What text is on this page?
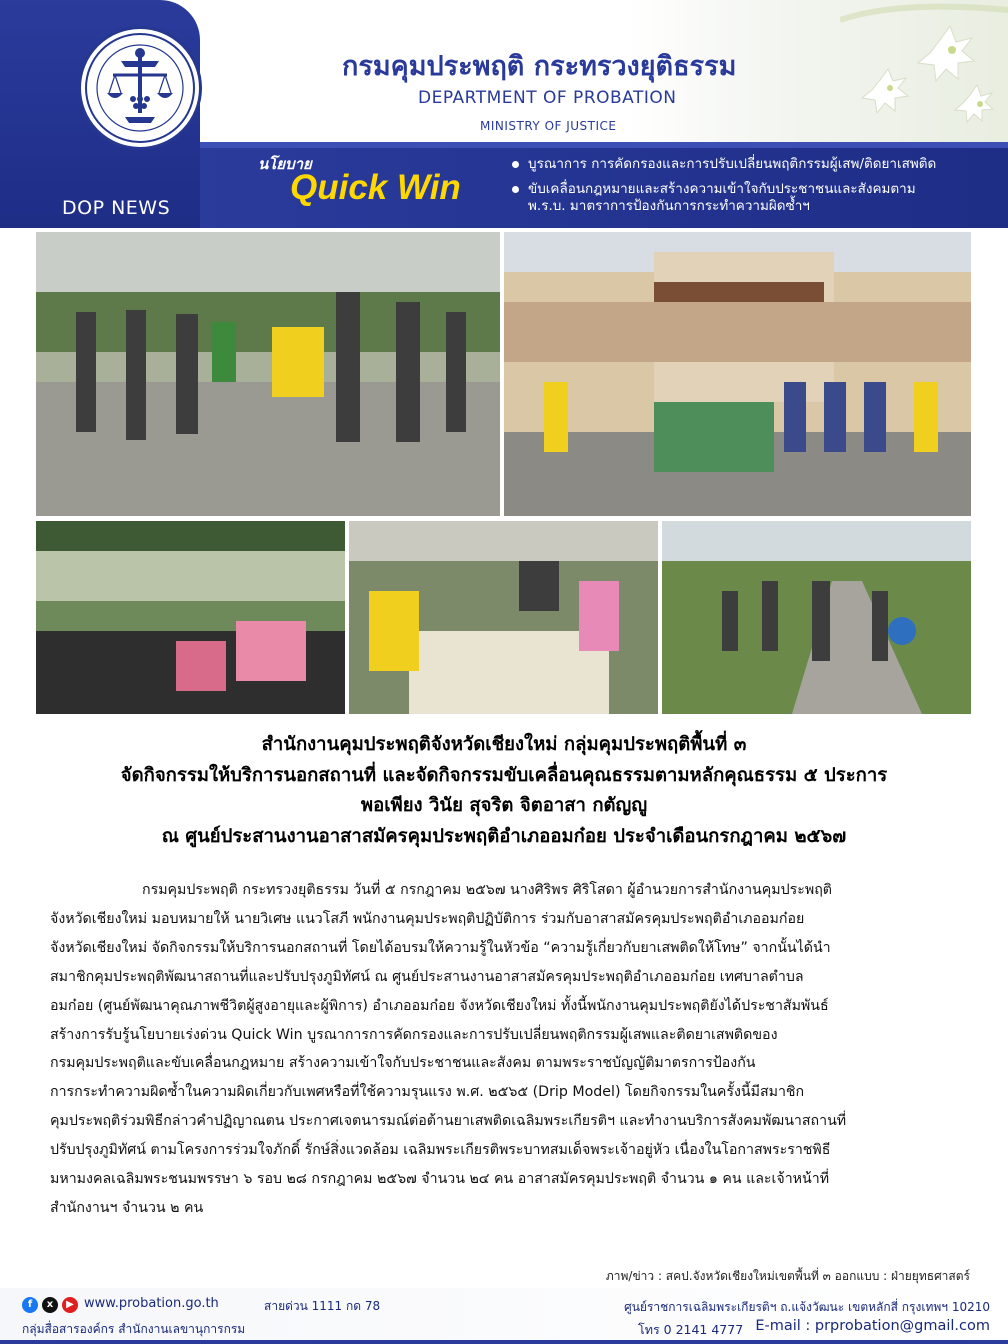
DOP NEWS
กรมคุมประพฤติ กระทรวงยุติธรรม
DEPARTMENT OF PROBATION
MINISTRY OF JUSTICE
นโยบาย
Quick Win
บูรณาการ การคัดกรองและการปรับเปลี่ยนพฤติกรรมผู้เสพ/ติดยาเสพติด
ขับเคลื่อนกฎหมายและสร้างความเข้าใจกับประชาชนและสังคมตาม
พ.ร.บ. มาตราการป้องกันการกระทำความผิดซ้ำฯ
สำนักงานคุมประพฤติจังหวัดเชียงใหม่ กลุ่มคุมประพฤติพื้นที่ ๓
จัดกิจกรรมให้บริการนอกสถานที่ และจัดกิจกรรมขับเคลื่อนคุณธรรมตามหลักคุณธรรม ๕ ประการ
พอเพียง วินัย สุจริต จิตอาสา กตัญญู
ณ ศูนย์ประสานงานอาสาสมัครคุมประพฤติอำเภออมก๋อย ประจำเดือนกรกฎาคม ๒๕๖๗
กรมคุมประพฤติ กระทรวงยุติธรรม วันที่ ๕ กรกฎาคม ๒๕๖๗ นางศิริพร ศิริโสดา ผู้อำนวยการสำนักงานคุมประพฤติ
จังหวัดเชียงใหม่ มอบหมายให้ นายวิเศษ แนวโสภี พนักงานคุมประพฤติปฏิบัติการ ร่วมกับอาสาสมัครคุมประพฤติอำเภออมก๋อย
จังหวัดเชียงใหม่ จัดกิจกรรมให้บริการนอกสถานที่ โดยได้อบรมให้ความรู้ในหัวข้อ “ความรู้เกี่ยวกับยาเสพติดให้โทษ” จากนั้นได้นำ
สมาชิกคุมประพฤติพัฒนาสถานที่และปรับปรุงภูมิทัศน์ ณ ศูนย์ประสานงานอาสาสมัครคุมประพฤติอำเภออมก๋อย เทศบาลตำบล
อมก๋อย (ศูนย์พัฒนาคุณภาพชีวิตผู้สูงอายุและผู้พิการ) อำเภออมก๋อย จังหวัดเชียงใหม่ ทั้งนี้พนักงานคุมประพฤติยังได้ประชาสัมพันธ์
สร้างการรับรู้นโยบายเร่งด่วน Quick Win บูรณาการการคัดกรองและการปรับเปลี่ยนพฤติกรรมผู้เสพและติดยาเสพติดของ
กรมคุมประพฤติและขับเคลื่อนกฎหมาย สร้างความเข้าใจกับประชาชนและสังคม ตามพระราชบัญญัติมาตรการป้องกัน
การกระทำความผิดซ้ำในความผิดเกี่ยวกับเพศหรือที่ใช้ความรุนแรง พ.ศ. ๒๕๖๕ (Drip Model) โดยกิจกรรมในครั้งนี้มีสมาชิก
คุมประพฤติร่วมพิธีกล่าวคำปฏิญาณตน ประกาศเจตนารมณ์ต่อต้านยาเสพติดเฉลิมพระเกียรติฯ และทำงานบริการสังคมพัฒนาสถานที่
ปรับปรุงภูมิทัศน์ ตามโครงการร่วมใจภักดิ์ รักษ์สิ่งแวดล้อม เฉลิมพระเกียรติพระบาทสมเด็จพระเจ้าอยู่หัว เนื่องในโอกาสพระราชพิธี
มหามงคลเฉลิมพระชนมพรรษา ๖ รอบ ๒๘ กรกฎาคม ๒๕๖๗ จำนวน ๒๔ คน อาสาสมัครคุมประพฤติ จำนวน ๑ คน และเจ้าหน้าที่
สำนักงานฯ จำนวน ๒ คน
ภาพ/ข่าว : สคป.จังหวัดเชียงใหม่เขตพื้นที่ ๓ ออกแบบ : ฝ่ายยุทธศาสตร์
f	x	▶ www.probation.go.th	สายด่วน 1111 กด 78
กลุ่มสื่อสารองค์กร สำนักงานเลขานุการกรม
ศูนย์ราชการเฉลิมพระเกียรติฯ ถ.แจ้งวัฒนะ เขตหลักสี่ กรุงเทพฯ 10210
โทร 0 2141 4777 E-mail : prprobation@gmail.com
